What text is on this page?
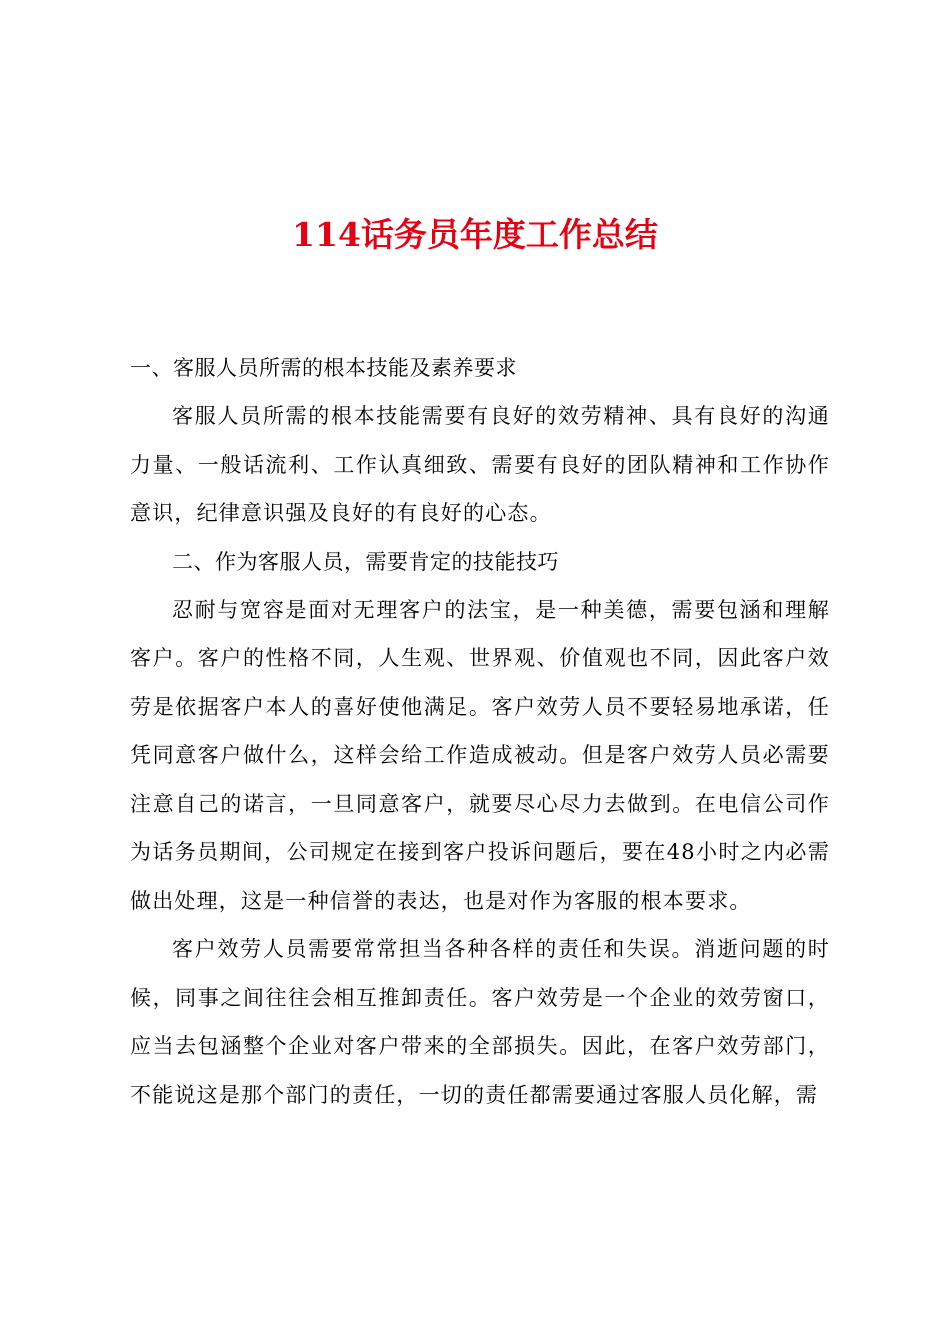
114话务员年度工作总结

一、客服人员所需的根本技能及素养要求

客服人员所需的根本技能需要有良好的效劳精神、具有良好的沟通力量、一般话流利、工作认真细致、需要有良好的团队精神和工作协作意识，纪律意识强及良好的有良好的心态。

二、作为客服人员，需要肯定的技能技巧

忍耐与宽容是面对无理客户的法宝，是一种美德，需要包涵和理解客户。客户的性格不同，人生观、世界观、价值观也不同，因此客户效劳是依据客户本人的喜好使他满足。客户效劳人员不要轻易地承诺，任凭同意客户做什么，这样会给工作造成被动。但是客户效劳人员必需要注意自己的诺言，一旦同意客户，就要尽心尽力去做到。在电信公司作为话务员期间，公司规定在接到客户投诉问题后，要在48小时之内必需做出处理，这是一种信誉的表达，也是对作为客服的根本要求。

客户效劳人员需要常常担当各种各样的责任和失误。消逝问题的时候，同事之间往往会相互推卸责任。客户效劳是一个企业的效劳窗口，应当去包涵整个企业对客户带来的全部损失。因此，在客户效劳部门，不能说这是那个部门的责任，一切的责任都需要通过客服人员化解，需
